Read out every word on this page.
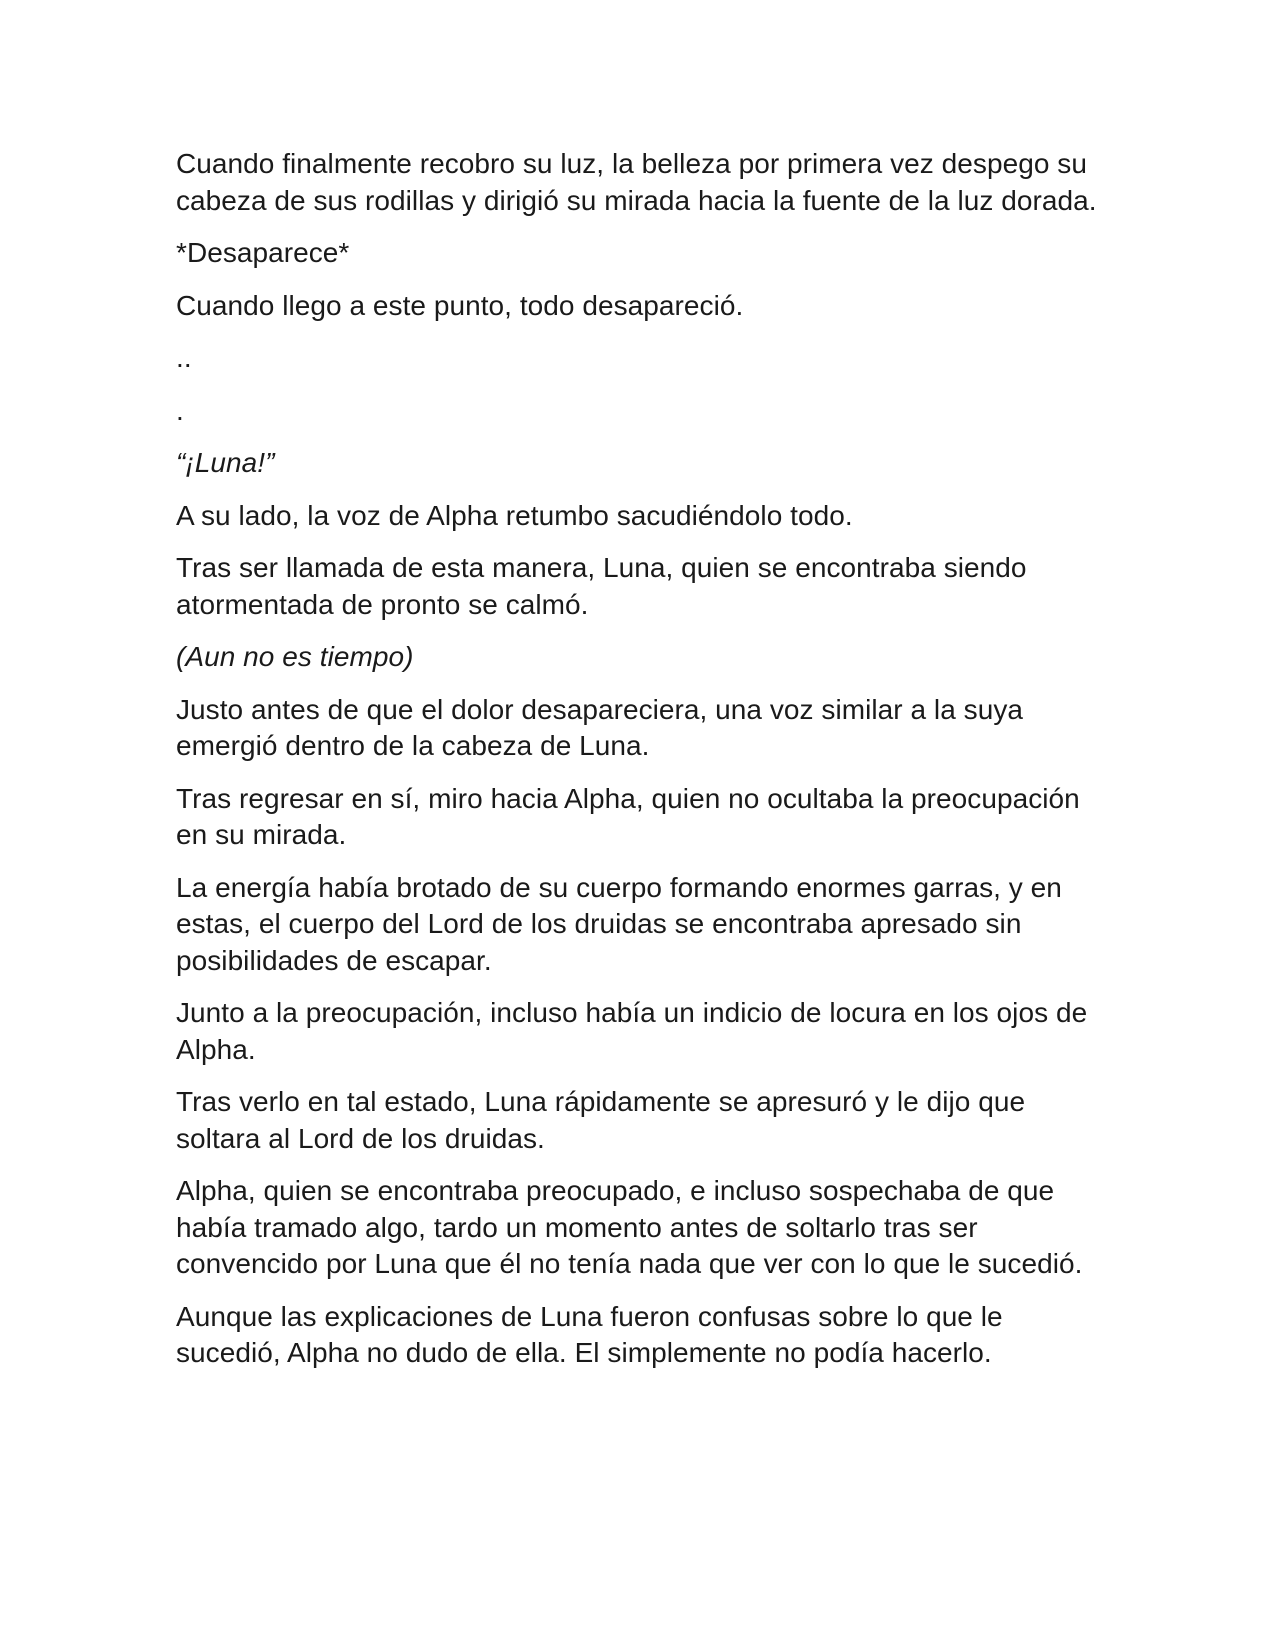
Cuando finalmente recobro su luz, la belleza por primera vez despego su cabeza de sus rodillas y dirigió su mirada hacia la fuente de la luz dorada.

*Desaparece*

Cuando llego a este punto, todo desapareció.

..

.

“¡Luna!”

A su lado, la voz de Alpha retumbo sacudiéndolo todo.

Tras ser llamada de esta manera, Luna, quien se encontraba siendo atormentada de pronto se calmó.

(Aun no es tiempo)

Justo antes de que el dolor desapareciera, una voz similar a la suya emergió dentro de la cabeza de Luna.

Tras regresar en sí, miro hacia Alpha, quien no ocultaba la preocupación en su mirada.

La energía había brotado de su cuerpo formando enormes garras, y en estas, el cuerpo del Lord de los druidas se encontraba apresado sin posibilidades de escapar.

Junto a la preocupación, incluso había un indicio de locura en los ojos de Alpha.

Tras verlo en tal estado, Luna rápidamente se apresuró y le dijo que soltara al Lord de los druidas.

Alpha, quien se encontraba preocupado, e incluso sospechaba de que había tramado algo, tardo un momento antes de soltarlo tras ser convencido por Luna que él no tenía nada que ver con lo que le sucedió.

Aunque las explicaciones de Luna fueron confusas sobre lo que le sucedió, Alpha no dudo de ella. El simplemente no podía hacerlo.
